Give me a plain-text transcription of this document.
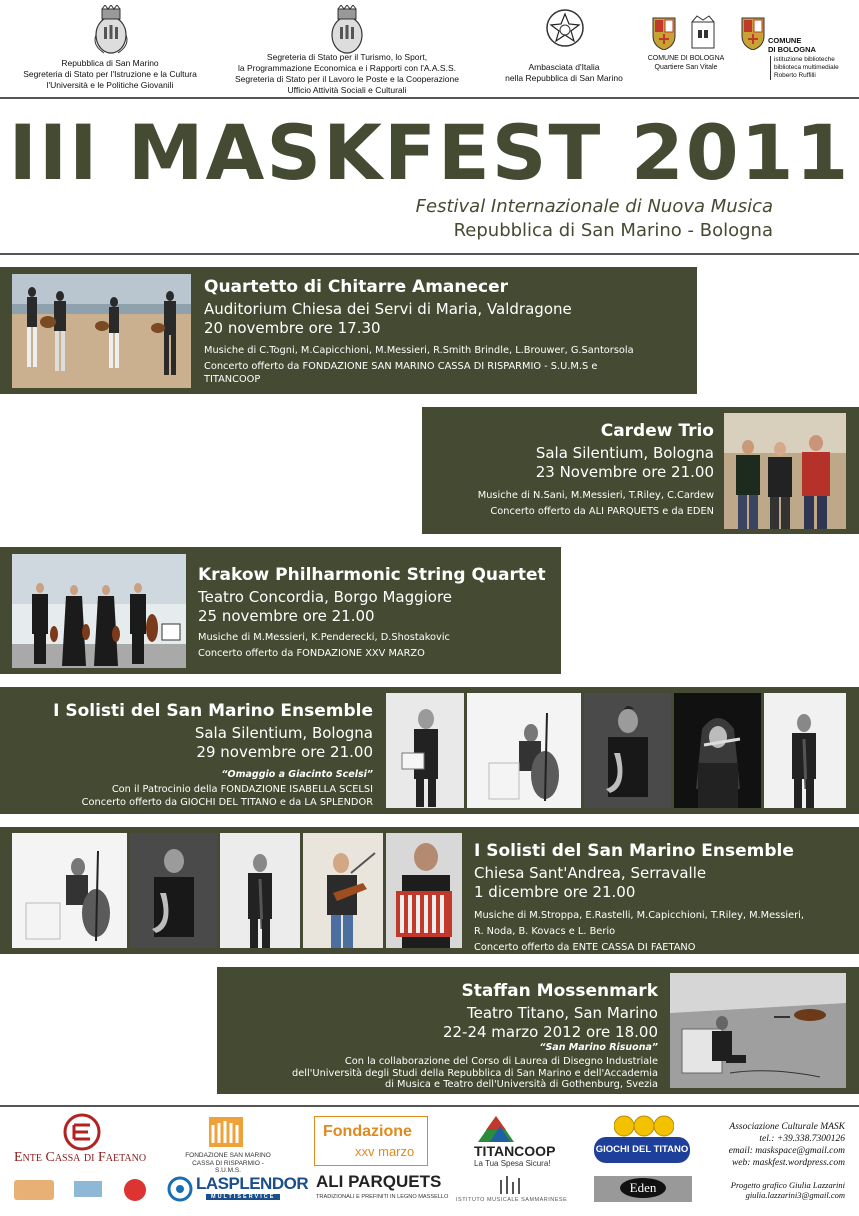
Repubblica di San Marino
Segreteria di Stato per l'Istruzione e la Cultura
l'Università e le Politiche Giovanili
Segreteria di Stato per il Turismo, lo Sport,
la Programmazione Economica e i Rapporti con l'A.A.S.S.
Segreteria di Stato per il Lavoro le Poste e la Cooperazione
Ufficio Attività Sociali e Culturali
Ambasciata d'Italia
nella Repubblica di San Marino
COMUNE DI BOLOGNA
Quartiere San Vitale
COMUNE
DI BOLOGNA
istituzione biblioteche
biblioteca multimediale Roberto Ruffilli
III MASKFEST 2011
Festival Internazionale di Nuova Musica
Repubblica di San Marino - Bologna
Quartetto di Chitarre Amanecer
Auditorium Chiesa dei Servi di Maria, Valdragone
20 novembre ore 17.30
Musiche di C.Togni, M.Capicchioni, M.Messieri, R.Smith Brindle, L.Brouwer, G.Santorsola
Concerto offerto da FONDAZIONE SAN MARINO CASSA DI RISPARMIO - S.U.M.S e
TITANCOOP
Cardew Trio
Sala Silentium, Bologna
23 Novembre ore 21.00
Musiche di N.Sani, M.Messieri, T.Riley, C.Cardew
Concerto offerto da ALI PARQUETS e da EDEN
Krakow Philharmonic String Quartet
Teatro Concordia, Borgo Maggiore
25 novembre ore 21.00
Musiche di M.Messieri, K.Penderecki, D.Shostakovic
Concerto offerto da FONDAZIONE XXV MARZO
I Solisti del San Marino Ensemble
Sala Silentium, Bologna
29 novembre ore 21.00
“Omaggio a Giacinto Scelsi”
Con il Patrocinio della FONDAZIONE ISABELLA SCELSI
Concerto offerto da GIOCHI DEL TITANO e da LA SPLENDOR
I Solisti del San Marino Ensemble
Chiesa Sant'Andrea, Serravalle
1 dicembre ore 21.00
Musiche di M.Stroppa, E.Rastelli, M.Capicchioni, T.Riley, M.Messieri,
R. Noda, B. Kovacs e L. Berio
Concerto offerto da ENTE CASSA DI FAETANO
Staffan Mossenmark
Teatro Titano, San Marino
22-24 marzo 2012 ore 18.00
“San Marino Risuona”
Con la collaborazione del Corso di Laurea di Disegno Industriale
dell'Università degli Studi della Repubblica di San Marino e dell'Accademia
di Musica e Teatro dell'Università di Gothenburg, Svezia
Ente Cassa di Faetano	FONDAZIONE SAN MARINO
CASSA DI RISPARMIO - S.U.M.S.
LASPLENDOR
MULTISERVICE
Fondazione
xxv marzo
ALI PARQUETS
TRADIZIONALI E PREFINITI IN LEGNO MASSELLO
TITANCOOP
La Tua Spesa Sicura!
ISTITUTO MUSICALE SAMMARINESE
GIOCHI DEL TITANO
Eden
Associazione Culturale MASK
tel.: +39.338.7300126
email: maskspace@gmail.com
web: maskfest.wordpress.com
Progetto grafico Giulia Lazzarini
giulia.lazzarini3@gmail.com
